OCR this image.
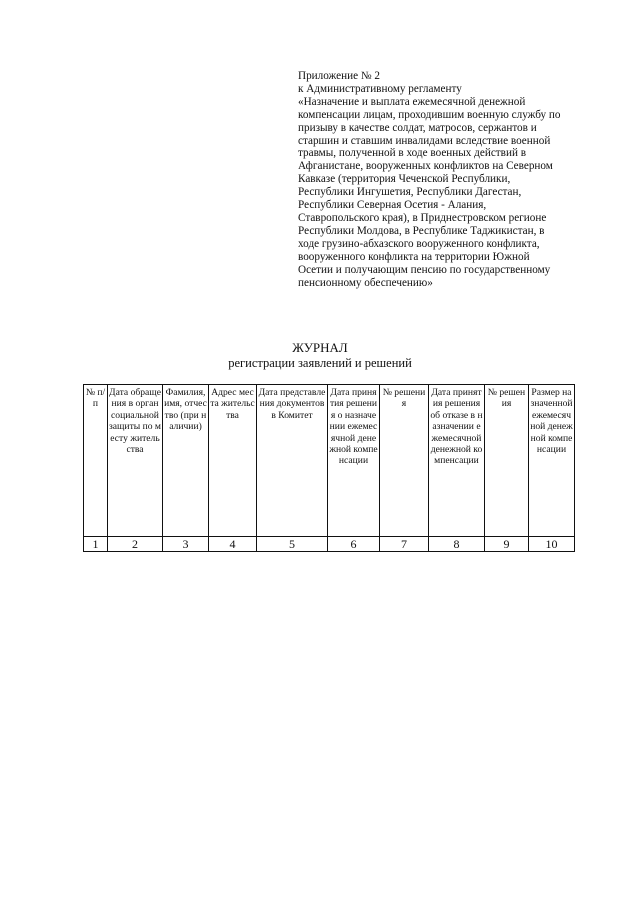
Приложение № 2
к Административному регламенту
«Назначение и выплата ежемесячной денежной
компенсации лицам, проходившим военную службу по
призыву в качестве солдат, матросов, сержантов и
старшин и ставшим инвалидами вследствие военной
травмы, полученной в ходе военных действий в
Афганистане, вооруженных конфликтов на Северном
Кавказе (территория Чеченской Республики,
Республики Ингушетия, Республики Дагестан,
Республики Северная Осетия - Алания,
Ставропольского края), в Приднестровском регионе
Республики Молдова, в Республике Таджикистан, в
ходе грузино-абхазского вооруженного конфликта,
вооруженного конфликта на территории Южной
Осетии и получающим пенсию по государственному
пенсионному обеспечению»
ЖУРНАЛ
регистрации заявлений и решений
№ п/п	Дата обращения в орган социальной защиты по месту жительства	Фамилия, имя, отчество (при наличии)	Адрес места жительства	Дата представления документов в Комитет	Дата принятия решения о назначении ежемесячной денежной компенсации	№ решения	Дата принятия решения об отказе в назначении ежемесячной денежной компенсации	№ решения	Размер назначенной ежемесячной денежной компенсации
1	2	3	4	5	6	7	8	9	10
